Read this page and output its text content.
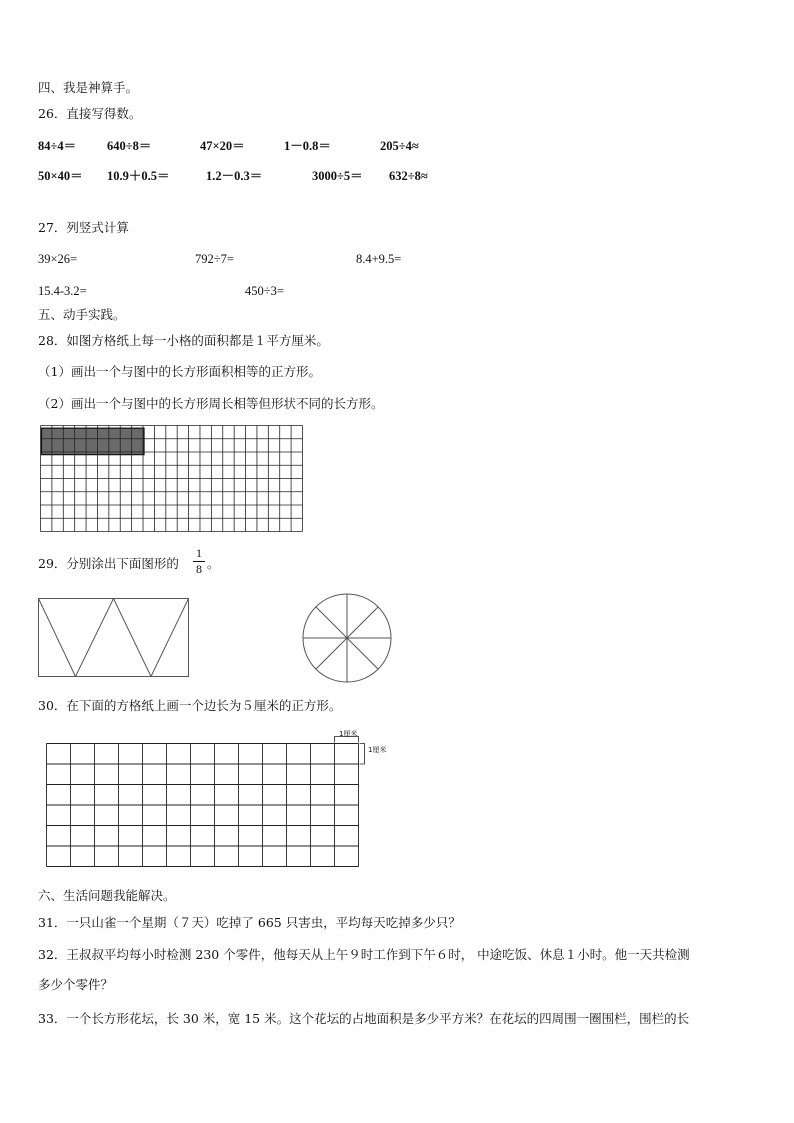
四、我是神算手。
26．直接写得数。
84÷4＝ 640÷8＝	47×20＝	1－0.8＝	205÷4≈
50×40＝ 10.9＋0.5＝	1.2－0.3＝	3000÷5＝ 632÷8≈
27．列竖式计算
39×26=	792÷7=	8.4+9.5=
15.4-3.2=	450÷3=
五、动手实践。
28．如图方格纸上每一小格的面积都是１平方厘米。
（1）画出一个与图中的长方形面积相等的正方形。
（2）画出一个与图中的长方形周长相等但形状不同的长方形。
29．分别涂出下面图形的
1
8 。
30．在下面的方格纸上画一个边长为５厘米的正方形。
1厘米
1厘米
六、生活问题我能解决。
31．一只山雀一个星期（７天）吃掉了 665 只害虫，平均每天吃掉多少只？
32．王叔叔平均每小时检测 230 个零件，他每天从上午９时工作到下午６时， 中途吃饭、休息１小时。他一天共检测
多少个零件？
33．一个长方形花坛，长 30 米，宽 15 米。这个花坛的占地面积是多少平方米？在花坛的四周围一圈围栏，围栏的长
